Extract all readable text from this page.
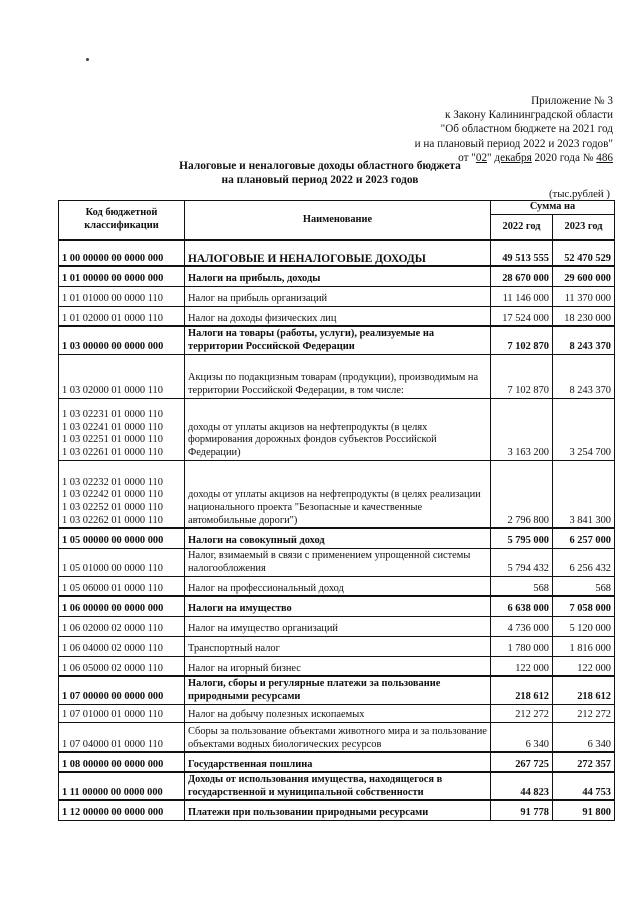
Приложение № 3
к Закону Калининградской области
"Об областном бюджете на 2021 год
и на плановый период 2022 и 2023 годов"
от "02" декабря 2020 года № 486
Налоговые и неналоговые доходы областного бюджета
на плановый период 2022 и 2023 годов
(тыс.рублей )
Код бюджетной классификации	Наименование	Сумма на	
		2022 год	2023 год
1 00 00000 00 0000 000	НАЛОГОВЫЕ И НЕНАЛОГОВЫЕ ДОХОДЫ	49 513 555	52 470 529
1 01 00000 00 0000 000	Налоги на прибыль, доходы	28 670 000	29 600 000
1 01 01000 00 0000 110	Налог на прибыль организаций	11 146 000	11 370 000
1 01 02000 01 0000 110	Налог на доходы физических лиц	17 524 000	18 230 000
1 03 00000 00 0000 000	Налоги на товары (работы, услуги), реализуемые на территории Российской Федерации	7 102 870	8 243 370
1 03 02000 01 0000 110	Акцизы по подакцизным товарам (продукции), производимым на территории Российской Федерации, в том числе:	7 102 870	8 243 370
1 03 02231 01 0000 110
1 03 02241 01 0000 110
1 03 02251 01 0000 110
1 03 02261 01 0000 110	доходы от уплаты акцизов на нефтепродукты (в целях формирования дорожных фондов субъектов Российской Федерации)	3 163 200	3 254 700
1 03 02232 01 0000 110
1 03 02242 01 0000 110
1 03 02252 01 0000 110
1 03 02262 01 0000 110	доходы от уплаты акцизов на нефтепродукты (в целях реализации национального проекта "Безопасные и качественные автомобильные дороги")	2 796 800	3 841 300
1 05 00000 00 0000 000	Налоги на совокупный доход	5 795 000	6 257 000
1 05 01000 00 0000 110	Налог, взимаемый в связи с применением упрощенной системы налогообложения	5 794 432	6 256 432
1 05 06000 01 0000 110	Налог на профессиональный доход	568	568
1 06 00000 00 0000 000	Налоги на имущество	6 638 000	7 058 000
1 06 02000 02 0000 110	Налог на имущество организаций	4 736 000	5 120 000
1 06 04000 02 0000 110	Транспортный налог	1 780 000	1 816 000
1 06 05000 02 0000 110	Налог на игорный бизнес	122 000	122 000
1 07 00000 00 0000 000	Налоги, сборы и регулярные платежи за пользование природными ресурсами	218 612	218 612
1 07 01000 01 0000 110	Налог на добычу полезных ископаемых	212 272	212 272
1 07 04000 01 0000 110	Сборы за пользование объектами животного мира и за пользование объектами водных биологических ресурсов	6 340	6 340
1 08 00000 00 0000 000	Государственная пошлина	267 725	272 357
1 11 00000 00 0000 000	Доходы от использования имущества, находящегося в государственной и муниципальной собственности	44 823	44 753
1 12 00000 00 0000 000	Платежи при пользовании природными ресурсами	91 778	91 800
